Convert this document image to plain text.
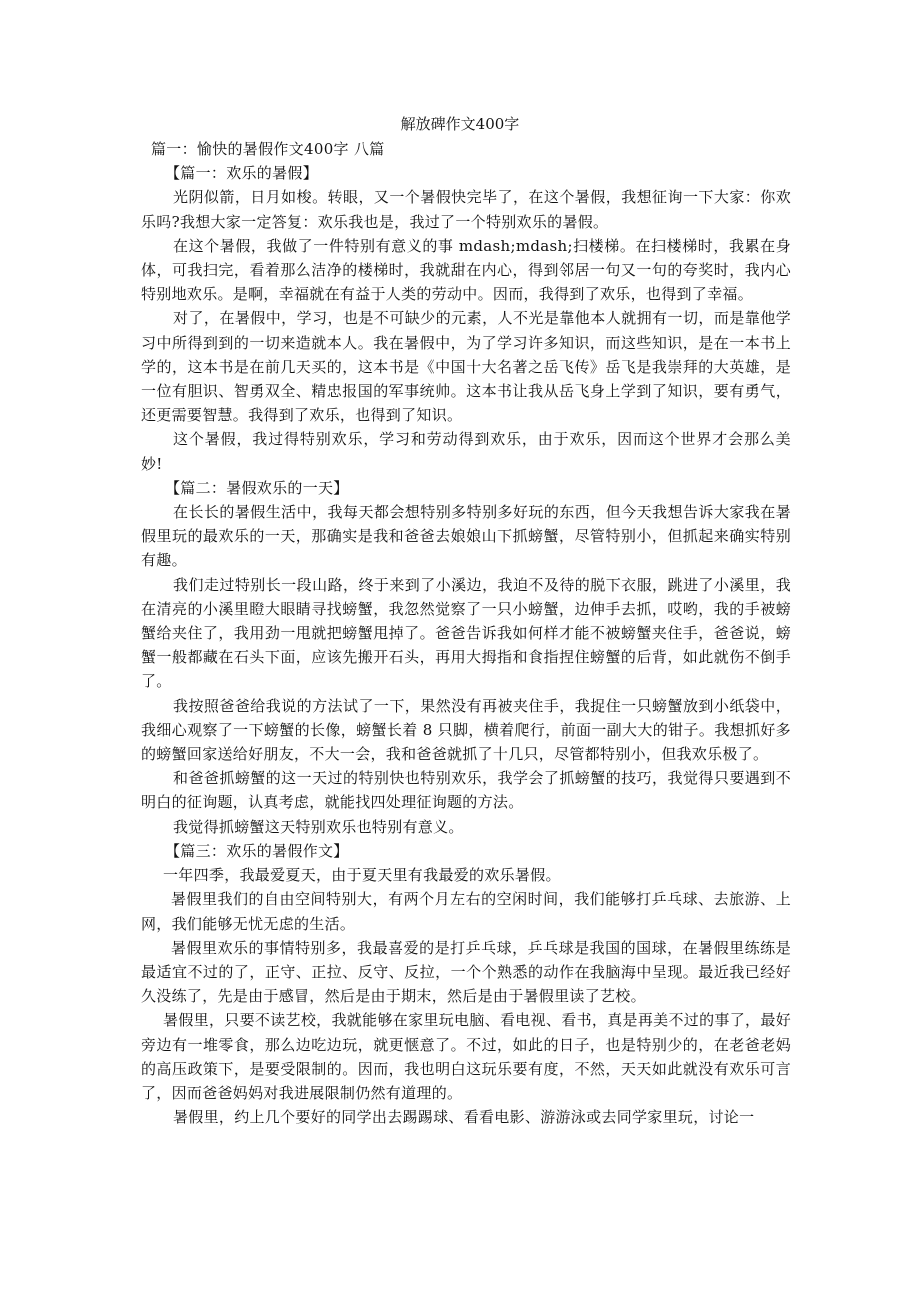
解放碑作文400字

篇一：愉快的暑假作文400字 八篇

【篇一：欢乐的暑假】

光阴似箭，日月如梭。转眼，又一个暑假快完毕了，在这个暑假，我想征询一下大家：你欢乐吗?我想大家一定答复：欢乐我也是，我过了一个特别欢乐的暑假。

在这个暑假，我做了一件特别有意义的事 mdash;mdash;扫楼梯。在扫楼梯时，我累在身体，可我扫完，看着那么洁净的楼梯时，我就甜在内心，得到邻居一句又一句的夸奖时，我内心特别地欢乐。是啊，幸福就在有益于人类的劳动中。因而，我得到了欢乐，也得到了幸福。

对了，在暑假中，学习，也是不可缺少的元素，人不光是靠他本人就拥有一切，而是靠他学习中所得到到的一切来造就本人。我在暑假中，为了学习许多知识，而这些知识，是在一本书上学的，这本书是在前几天买的，这本书是《中国十大名著之岳飞传》岳飞是我崇拜的大英雄，是一位有胆识、智勇双全、精忠报国的军事统帅。这本书让我从岳飞身上学到了知识，要有勇气，还更需要智慧。我得到了欢乐，也得到了知识。

这个暑假，我过得特别欢乐，学习和劳动得到欢乐，由于欢乐，因而这个世界才会那么美妙!

【篇二：暑假欢乐的一天】

在长长的暑假生活中，我每天都会想特别多特别多好玩的东西，但今天我想告诉大家我在暑假里玩的最欢乐的一天，那确实是我和爸爸去娘娘山下抓螃蟹，尽管特别小，但抓起来确实特别有趣。

我们走过特别长一段山路，终于来到了小溪边，我迫不及待的脱下衣服，跳进了小溪里，我在清亮的小溪里瞪大眼睛寻找螃蟹，我忽然觉察了一只小螃蟹，边伸手去抓，哎哟，我的手被螃蟹给夹住了，我用劲一甩就把螃蟹甩掉了。爸爸告诉我如何样才能不被螃蟹夹住手，爸爸说，螃蟹一般都藏在石头下面，应该先搬开石头，再用大拇指和食指捏住螃蟹的后背，如此就伤不倒手了。

我按照爸爸给我说的方法试了一下，果然没有再被夹住手，我捉住一只螃蟹放到小纸袋中，我细心观察了一下螃蟹的长像，螃蟹长着 8 只脚，横着爬行，前面一副大大的钳子。我想抓好多的螃蟹回家送给好朋友，不大一会，我和爸爸就抓了十几只，尽管都特别小，但我欢乐极了。

和爸爸抓螃蟹的这一天过的特别快也特别欢乐，我学会了抓螃蟹的技巧，我觉得只要遇到不明白的征询题，认真考虑，就能找四处理征询题的方法。

我觉得抓螃蟹这天特别欢乐也特别有意义。

【篇三：欢乐的暑假作文】

一年四季，我最爱夏天，由于夏天里有我最爱的欢乐暑假。

暑假里我们的自由空间特别大，有两个月左右的空闲时间，我们能够打乒乓球、去旅游、上网，我们能够无忧无虑的生活。

暑假里欢乐的事情特别多，我最喜爱的是打乒乓球，乒乓球是我国的国球，在暑假里练练是最适宜不过的了，正守、正拉、反守、反拉，一个个熟悉的动作在我脑海中呈现。最近我已经好久没练了，先是由于感冒，然后是由于期末，然后是由于暑假里读了艺校。

暑假里，只要不读艺校，我就能够在家里玩电脑、看电视、看书，真是再美不过的事了，最好旁边有一堆零食，那么边吃边玩，就更惬意了。不过，如此的日子，也是特别少的，在老爸老妈的高压政策下，是要受限制的。因而，我也明白这玩乐要有度，不然，天天如此就没有欢乐可言了，因而爸爸妈妈对我进展限制仍然有道理的。

暑假里，约上几个要好的同学出去踢踢球、看看电影、游游泳或去同学家里玩，讨论一
